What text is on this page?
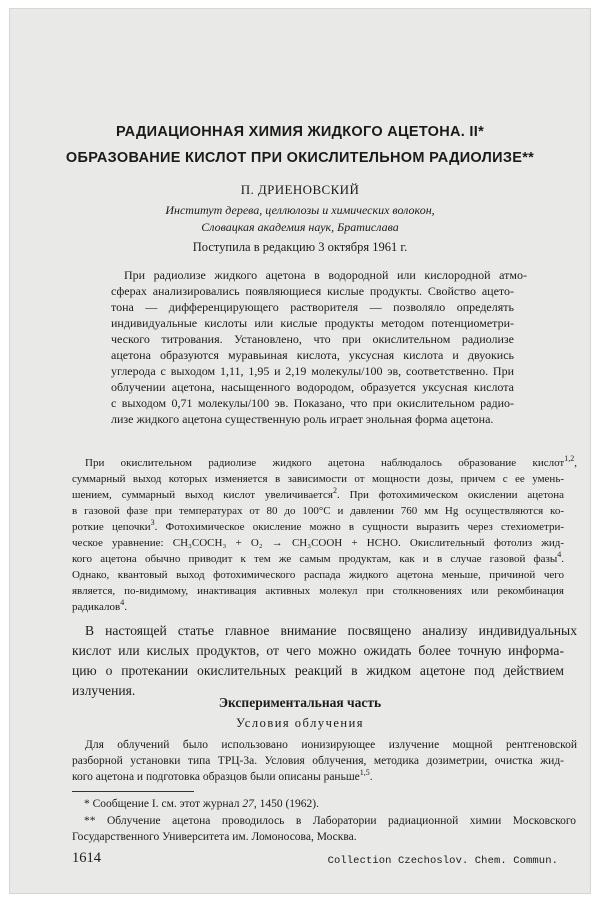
РАДИАЦИОННАЯ ХИМИЯ ЖИДКОГО АЦЕТОНА. II*
ОБРАЗОВАНИЕ КИСЛОТ ПРИ ОКИСЛИТЕЛЬНОМ РАДИОЛИЗЕ**
П. ДРИЕНОВСКИЙ
Институт дерева, целлюлозы и химических волокон,
Словацкая академия наук, Братислава
Поступила в редакцию 3 октября 1961 г.
При радиолизе жидкого ацетона в водородной или кислородной атмо-
сферах анализировались появляющиеся кислые продукты. Свойство ацето-
тона — дифференцирующего растворителя — позволяло определять
индивидуальные кислоты или кислые продукты методом потенциометри-
ческого титрования. Установлено, что при окислительном радиолизе
ацетона образуются муравьиная кислота, уксусная кислота и двуокись
углерода с выходом 1,11, 1,95 и 2,19 молекулы/100 эв, соответственно. При
облучении ацетона, насыщенного водородом, образуется уксусная кислота
с выходом 0,71 молекулы/100 эв. Показано, что при окислительном радио-
лизе жидкого ацетона существенную роль играет энольная форма ацетона.
При окислительном радиолизе жидкого ацетона наблюдалось образование кислот$^{1,2}$,
суммарный выход которых изменяется в зависимости от мощности дозы, причем с ее умень-
шением, суммарный выход кислот увеличивается$^2$. При фотохимическом окислении ацетона
в газовой фазе при температурах от 80 до 100°C и давлении 760 мм Hg осуществляются ко-
роткие цепочки$^3$. Фотохимическое окисление можно в сущности выразить через стехиометри-
ческое уравнение: CH₃COCH₃ + O₂ → CH₃COOH + HCHO. Окислительный фотолиз жид-
кого ацетона обычно приводит к тем же самым продуктам, как и в случае газовой фазы$^4$.
Однако, квантовый выход фотохимического распада жидкого ацетона меньше, причиной чего
является, по-видимому, инактивация активных молекул при столкновениях или рекомбинация
радикалов$^4$.
В настоящей статье главное внимание посвящено анализу индивидуальных
кислот или кислых продуктов, от чего можно ожидать более точную информа-
цию о протекании окислительных реакций в жидком ацетоне под действием
излучения.
Экспериментальная часть
Условия облучения
Для облучений было использовано ионизирующее излучение мощной рентгеновской
разборной установки типа ТРЦ-3а. Условия облучения, методика дозиметрии, очистка жид-
кого ацетона и подготовка образцов были описаны раньше$^{1,5}$.
* Сообщение I. см. этот журнал 27, 1450 (1962).
** Облучение ацетона проводилось в Лаборатории радиационной химии Московского
Государственного Университета им. Ломоносова, Москва.
1614	Collection Czechoslov. Chem. Commun.
